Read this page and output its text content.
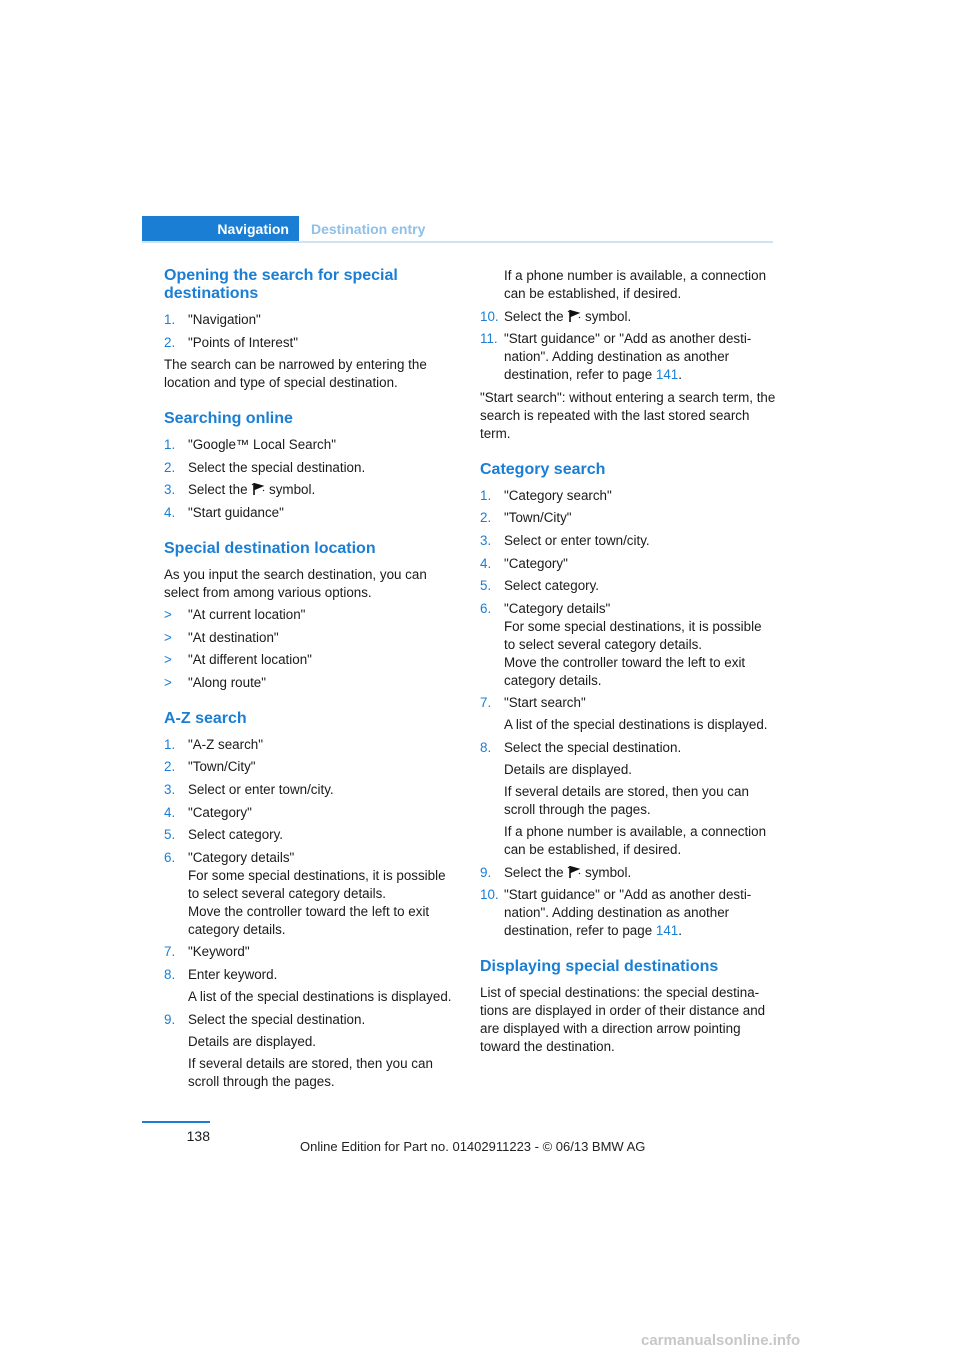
Navigation	Destination entry
Opening the search for special destinations
1. "Navigation"
2. "Points of Interest"

The search can be narrowed by entering the location and type of special destination.

Searching online
1. "Google™ Local Search"
2. Select the special destination.
3. Select the symbol.
4. "Start guidance"
Special destination location

As you input the search destination, you can select from among various options.

> "At current location"
> "At destination"
> "At different location"
> "Along route"
A-Z search
1. "A-Z search"
2. "Town/City"
3. Select or enter town/city.
4. "Category"
5. Select category.
6. "Category details"
For some special destinations, it is possible to select several category details.
Move the controller toward the left to exit category details.
7. "Keyword"
8. Enter keyword.
A list of the special destinations is displayed.
9. Select the special destination.
Details are displayed.
If several details are stored, then you can scroll through the pages.
If a phone number is available, a connection can be established, if desired.
10. Select the symbol.
11. "Start guidance" or "Add as another desti-nation". Adding destination as another destination, refer to page 141.

"Start search": without entering a search term, the search is repeated with the last stored search term.

Category search
1. "Category search"
2. "Town/City"
3. Select or enter town/city.
4. "Category"
5. Select category.
6. "Category details"
For some special destinations, it is possible to select several category details.
Move the controller toward the left to exit category details.
7. "Start search"
A list of the special destinations is displayed.
8. Select the special destination.
Details are displayed.
If several details are stored, then you can scroll through the pages.
If a phone number is available, a connection can be established, if desired.
9. Select the symbol.
10. "Start guidance" or "Add as another desti-nation". Adding destination as another destination, refer to page 141.
Displaying special destinations

List of special destinations: the special destina-tions are displayed in order of their distance and are displayed with a direction arrow pointing toward the destination.

138
Online Edition for Part no. 01402911223 - © 06/13 BMW AG
carmanualsonline.info
